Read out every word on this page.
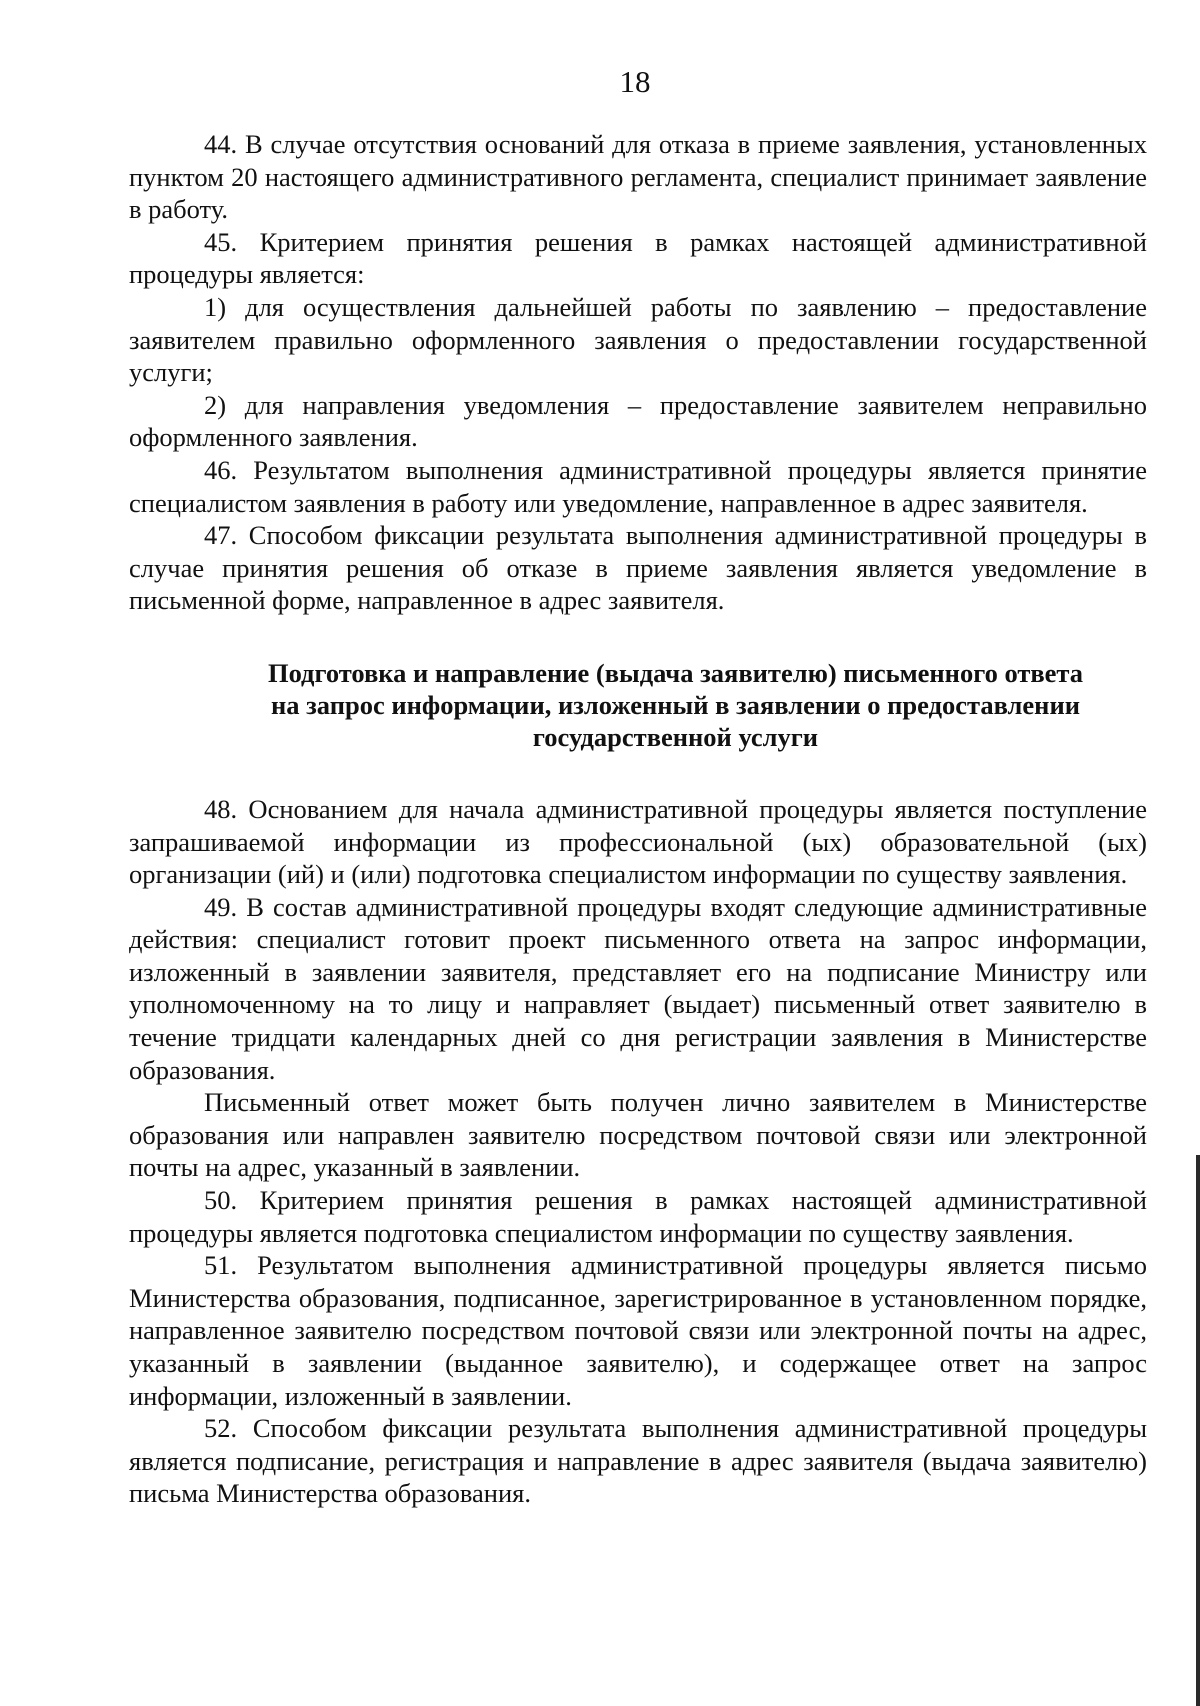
18

44. В случае отсутствия оснований для отказа в приеме заявления, установленных пунктом 20 настоящего административного регламента, специалист принимает заявление в работу.

45. Критерием принятия решения в рамках настоящей административной процедуры является:

1) для осуществления дальнейшей работы по заявлению – предоставление заявителем правильно оформленного заявления о предоставлении государственной услуги;

2) для направления уведомления – предоставление заявителем неправильно оформленного заявления.

46. Результатом выполнения административной процедуры является принятие специалистом заявления в работу или уведомление, направленное в адрес заявителя.

47. Способом фиксации результата выполнения административной процедуры в случае принятия решения об отказе в приеме заявления является уведомление в письменной форме, направленное в адрес заявителя.

Подготовка и направление (выдача заявителю) письменного ответа
на запрос информации, изложенный в заявлении о предоставлении
государственной услуги

48. Основанием для начала административной процедуры является поступление запрашиваемой информации из профессиональной (ых) образовательной (ых) организации (ий) и (или) подготовка специалистом информации по существу заявления.

49. В состав административной процедуры входят следующие административные действия: специалист готовит проект письменного ответа на запрос информации, изложенный в заявлении заявителя, представляет его на подписание Министру или уполномоченному на то лицу и направляет (выдает) письменный ответ заявителю в течение тридцати календарных дней со дня регистрации заявления в Министерстве образования.

Письменный ответ может быть получен лично заявителем в Министерстве образования или направлен заявителю посредством почтовой связи или электронной почты на адрес, указанный в заявлении.

50. Критерием принятия решения в рамках настоящей административной процедуры является подготовка специалистом информации по существу заявления.

51. Результатом выполнения административной процедуры является письмо Министерства образования, подписанное, зарегистрированное в установленном порядке, направленное заявителю посредством почтовой связи или электронной почты на адрес, указанный в заявлении (выданное заявителю), и содержащее ответ на запрос информации, изложенный в заявлении.

52. Способом фиксации результата выполнения административной процедуры является подписание, регистрация и направление в адрес заявителя (выдача заявителю) письма Министерства образования.
